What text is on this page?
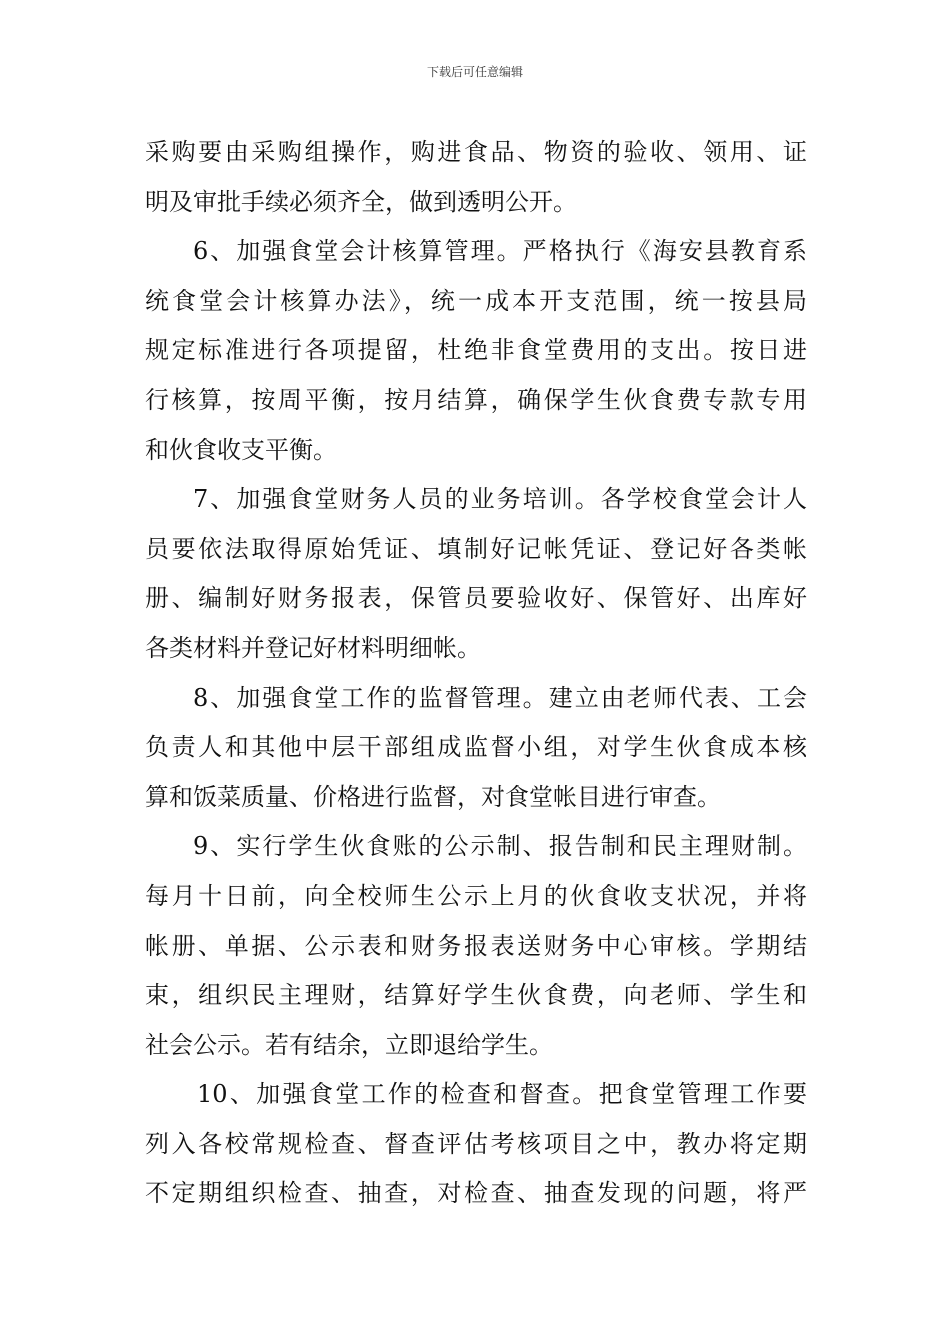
下载后可任意编辑
采购要由采购组操作，购进食品、物资的验收、领用、证
明及审批手续必须齐全，做到透明公开。
6、加强食堂会计核算管理。严格执行《海安县教育系
统食堂会计核算办法》，统一成本开支范围，统一按县局
规定标准进行各项提留，杜绝非食堂费用的支出。按日进
行核算，按周平衡，按月结算，确保学生伙食费专款专用
和伙食收支平衡。
7、加强食堂财务人员的业务培训。各学校食堂会计人
员要依法取得原始凭证、填制好记帐凭证、登记好各类帐
册、编制好财务报表，保管员要验收好、保管好、出库好
各类材料并登记好材料明细帐。
8、加强食堂工作的监督管理。建立由老师代表、工会
负责人和其他中层干部组成监督小组，对学生伙食成本核
算和饭菜质量、价格进行监督，对食堂帐目进行审查。
9、实行学生伙食账的公示制、报告制和民主理财制。
每月十日前，向全校师生公示上月的伙食收支状况，并将
帐册、单据、公示表和财务报表送财务中心审核。学期结
束，组织民主理财，结算好学生伙食费，向老师、学生和
社会公示。若有结余，立即退给学生。
10、加强食堂工作的检查和督查。把食堂管理工作要
列入各校常规检查、督查评估考核项目之中，教办将定期
不定期组织检查、抽查，对检查、抽查发现的问题，将严
